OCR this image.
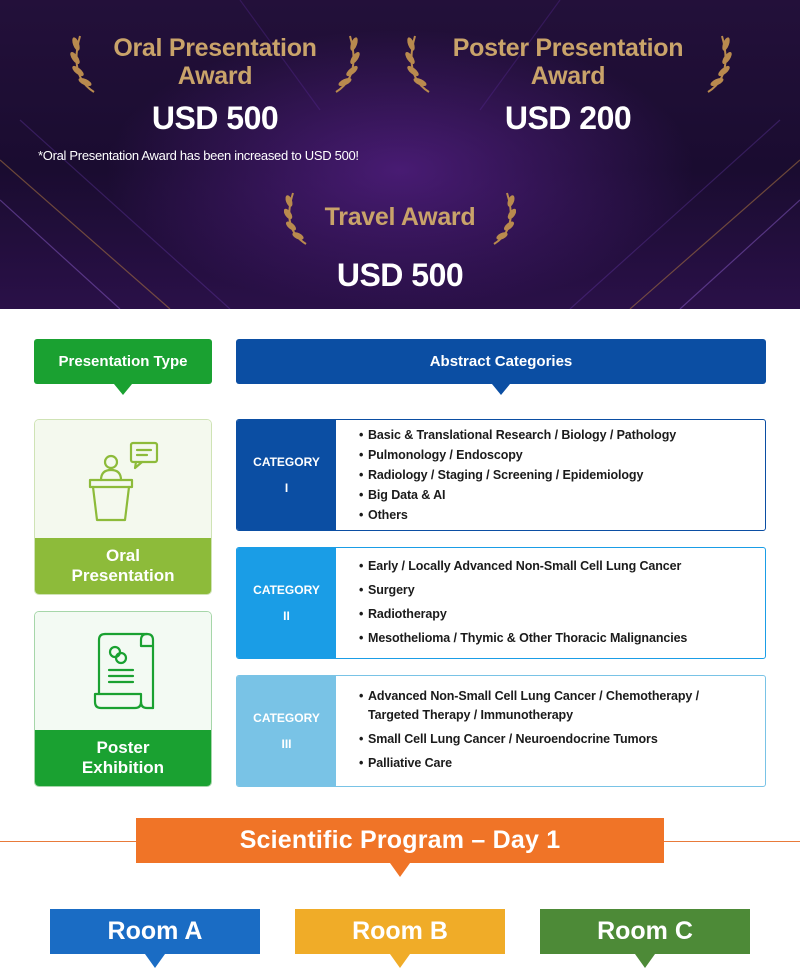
Oral Presentation
Award
USD 500
Poster Presentation
Award
USD 200
*Oral Presentation Award has been increased to USD 500!
Travel Award
USD 500
Presentation Type	Abstract Categories
Oral
Presentation
Poster
Exhibition
CATEGORY
I
• Basic & Translational Research / Biology / Pathology
• Pulmonology / Endoscopy
• Radiology / Staging / Screening / Epidemiology
• Big Data & AI
• Others
CATEGORY
II
• Early / Locally Advanced Non-Small Cell Lung Cancer
• Surgery
• Radiotherapy
• Mesothelioma / Thymic & Other Thoracic Malignancies
CATEGORY
III
• Advanced Non-Small Cell Lung Cancer / Chemotherapy /
Targeted Therapy / Immunotherapy
• Small Cell Lung Cancer / Neuroendocrine Tumors
• Palliative Care
Scientific Program – Day 1
Room A	Room B	Room C
